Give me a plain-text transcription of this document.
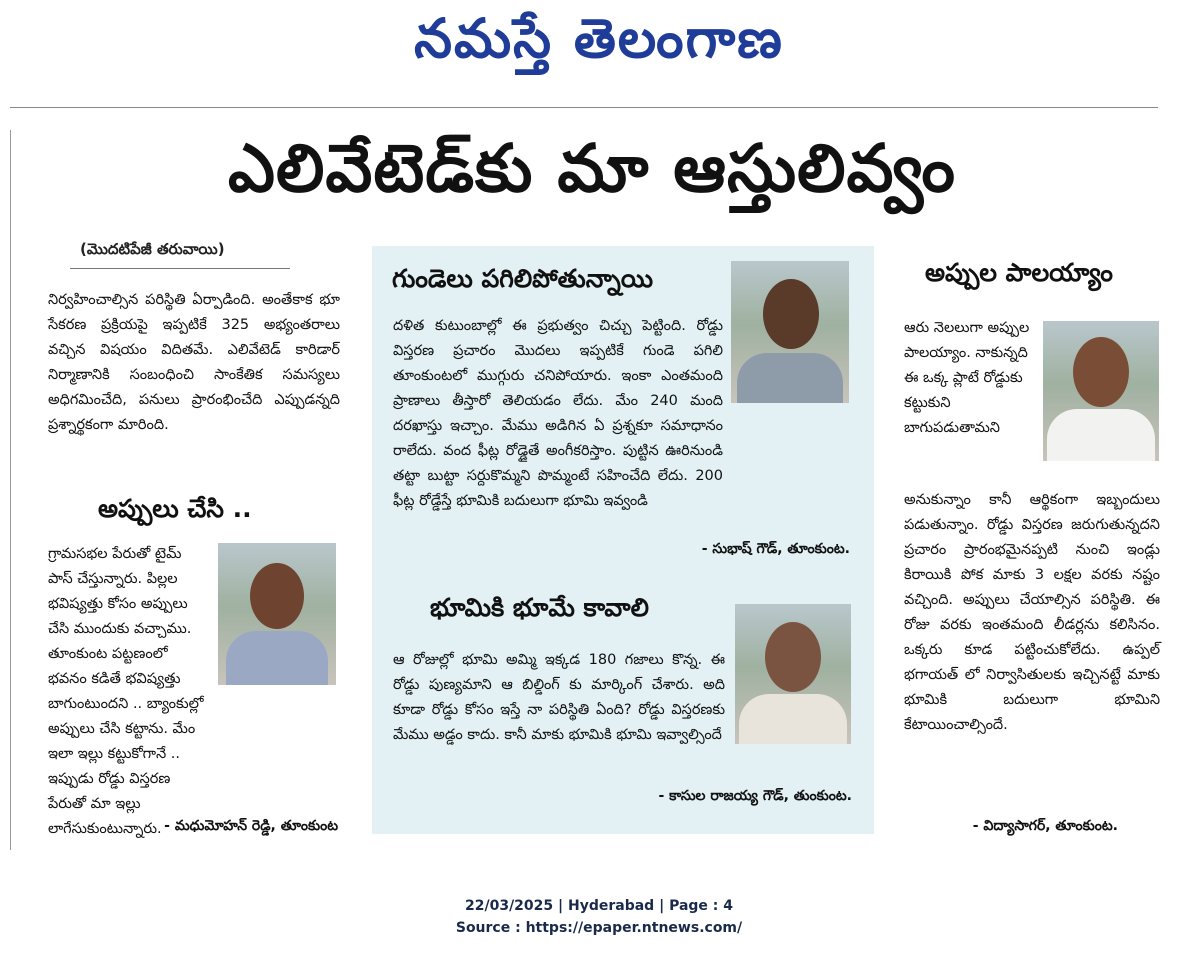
నమస్తే తెలంగాణ
ఎలివేటెడ్‌కు మా ఆస్తులివ్వం
(మొదటిపేజీ తరువాయి)
నిర్వహించాల్సిన పరిస్థితి ఏర్పాడింది. అంతేకాక భూ సేకరణ ప్రక్రియపై ఇప్పటికే 325 అభ్యంతరాలు వచ్చిన విషయం విదితమే. ఎలివేటెడ్ కారిడార్ నిర్మాణానికి సంబంధించి సాంకేతిక సమస్యలు అధిగమించేది, పనులు ప్రారంభించేది ఎప్పుడన్నది ప్రశ్నార్థకంగా మారింది.
అప్పులు చేసి ..
గ్రామసభల పేరుతో టైమ్ పాస్ చేస్తున్నారు. పిల్లల భవిష్యత్తు కోసం అప్పులు చేసి ముందుకు వచ్చాము. తూంకుంట పట్టణంలో భవనం కడితే భవిష్యత్తు బాగుంటుందని .. బ్యాంకుల్లో అప్పులు చేసి కట్టాను. మేం ఇలా ఇల్లు కట్టుకోగానే .. ఇప్పుడు రోడ్డు విస్తరణ పేరుతో మా ఇల్లు లాగేసుకుంటున్నారు. - మధుమోహన్ రెడ్డి, తూంకుంట
గుండెలు పగిలిపోతున్నాయి
దళిత కుటుంబాల్లో ఈ ప్రభుత్వం చిచ్చు పెట్టింది. రోడ్డు విస్తరణ ప్రచారం మొదలు ఇప్పటికే గుండె పగిలి తూంకుంటలో ముగ్గురు చనిపోయారు. ఇంకా ఎంతమంది ప్రాణాలు తీస్తారో తెలియడం లేదు. మేం 240 మంది దరఖాస్తు ఇచ్చాం. మేము అడిగిన ఏ ప్రశ్నకూ సమాధానం రాలేదు. వంద ఫీట్ల రోడ్డైతే అంగీకరిస్తాం. పుట్టిన ఊరినుండి తట్టా బుట్టా సర్దుకొమ్మని పొమ్మంటే సహించేది లేదు. 200 ఫీట్ల రోడ్డేస్తే భూమికి బదులుగా భూమి ఇవ్వండి
- సుభాష్ గౌడ్, తూంకుంట.
భూమికి భూమే కావాలి
ఆ రోజుల్లో భూమి అమ్మి ఇక్కడ 180 గజాలు కొన్న. ఈ రోడ్డు పుణ్యమాని ఆ బిల్డింగ్ కు మార్కింగ్ చేశారు. అది కూడా రోడ్డు కోసం ఇస్తే నా పరిస్థితి ఏంది? రోడ్డు విస్తరణకు మేము అడ్డం కాదు. కానీ మాకు భూమికి భూమి ఇవ్వాల్సిందే
- కాసుల రాజయ్య గౌడ్, తుంకుంట.
అప్పుల పాలయ్యాం
ఆరు నెలలుగా అప్పుల పాలయ్యాం. నాకున్నది ఈ ఒక్క ప్లాటే రోడ్డుకు కట్టుకుని బాగుపడుతామని
అనుకున్నాం కానీ ఆర్థికంగా ఇబ్బందులు పడుతున్నాం. రోడ్డు విస్తరణ జరుగుతున్నదని ప్రచారం ప్రారంభమైనప్పటి నుంచి ఇండ్లు కిరాయికి పోక మాకు 3 లక్షల వరకు నష్టం వచ్చింది. అప్పులు చేయాల్సిన పరిస్థితి. ఈ రోజు వరకు ఇంతమంది లీడర్లను కలిసినం. ఒక్కరు కూడ పట్టించుకోలేదు. ఉప్పల్ భగాయత్ లో నిర్వాసితులకు ఇచ్చినట్టే మాకు భూమికి బదులుగా భూమిని కేటాయించాల్సిందే.
- విద్యాసాగర్, తూంకుంట.
22/03/2025 | Hyderabad | Page : 4
Source : https://epaper.ntnews.com/
